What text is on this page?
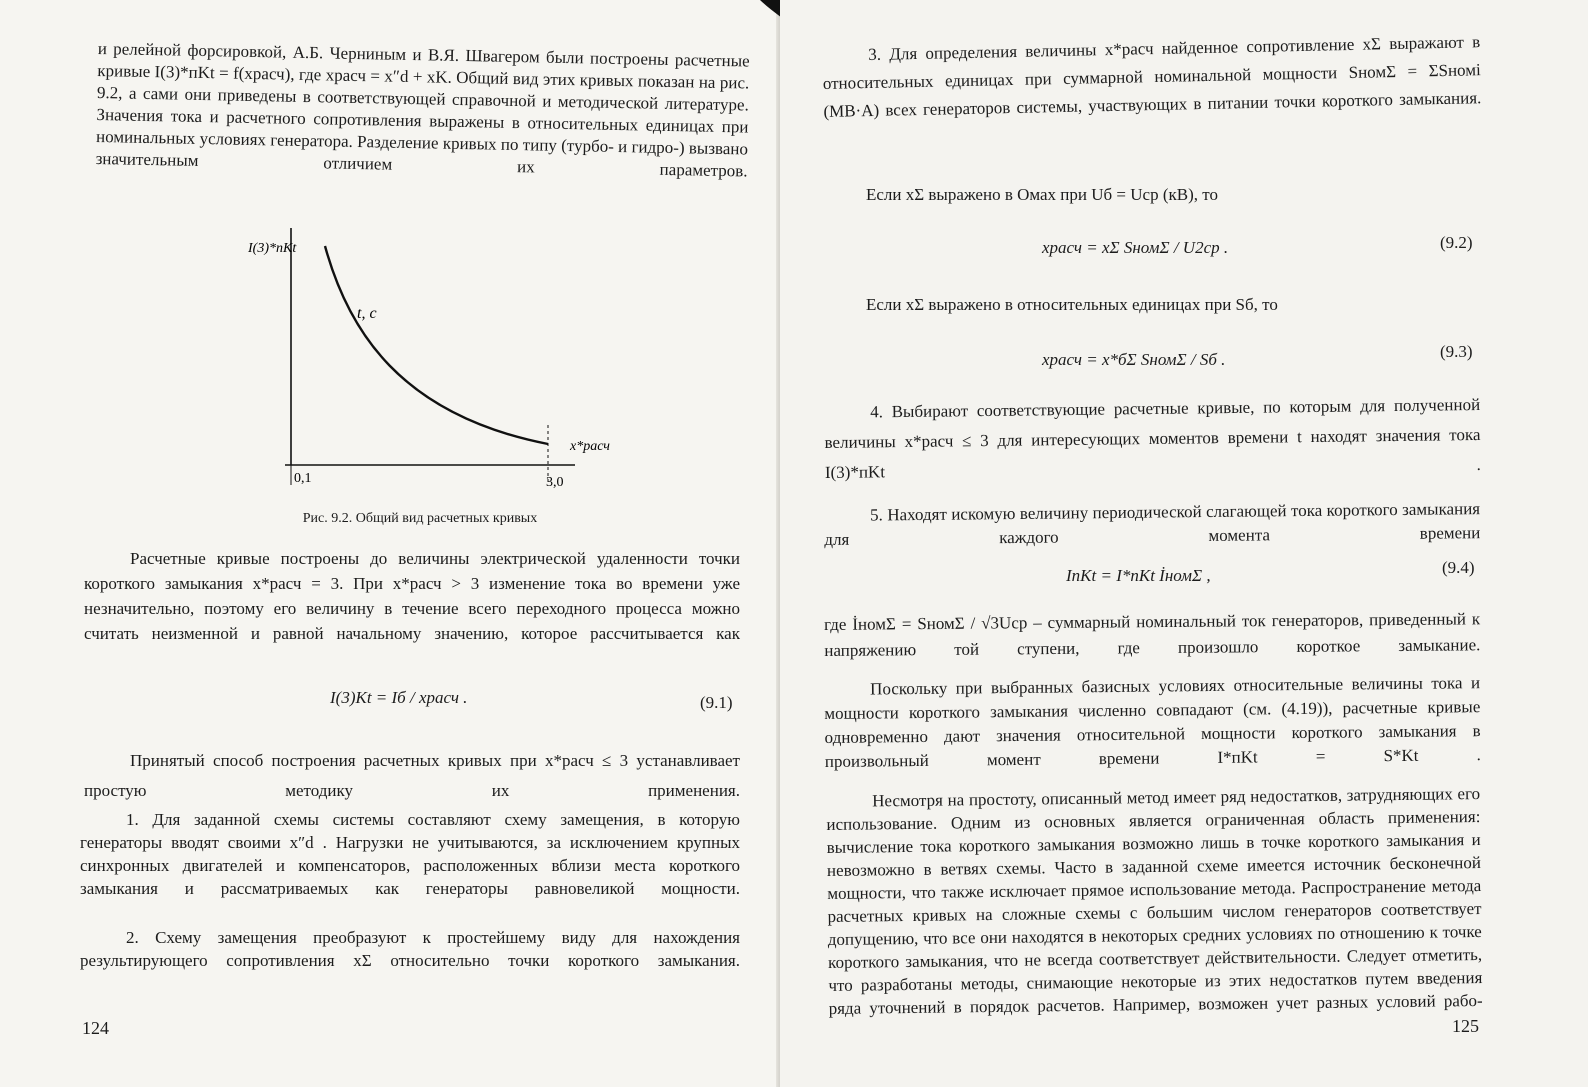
и релейной форсировкой, А.Б. Черниным и В.Я. Швагером были построены расчетные кривые I(3)*пKt = f(xрасч), где xрасч = x″d + xK. Общий вид этих кривых показан на рис. 9.2, а сами они приведены в соответствующей справочной и методической литературе. Значения тока и расчетного сопротивления выражены в относительных единицах при номинальных условиях генератора. Разделение кривых по типу (турбо- и гидро-) вызвано значительным отличием их параметров.

I(3)*пKt
t, c
x*расч
0,1	3,0
Рис. 9.2. Общий вид расчетных кривых

Расчетные кривые построены до величины электрической удаленности точки короткого замыкания x*расч = 3. При x*расч > 3 изменение тока во времени уже незначительно, поэтому его величину в течение всего переходного процесса можно считать неизменной и равной начальному значению, которое рассчитывается как

I(3)Kt = Iб / xрасч .	(9.1)

Принятый способ построения расчетных кривых при x*расч ≤ 3 устанавливает простую методику их применения.

1. Для заданной схемы системы составляют схему замещения, в которую генераторы вводят своими x″d . Нагрузки не учитываются, за исключением крупных синхронных двигателей и компенсаторов, расположенных вблизи места короткого замыкания и рассматриваемых как генераторы равновеликой мощности.

2. Схему замещения преобразуют к простейшему виду для нахождения результирующего сопротивления xΣ относительно точки короткого замыкания.

124

3. Для определения величины x*расч найденное сопротивление xΣ выражают в относительных единицах при суммарной номинальной мощности SномΣ = ΣSномi (МВ·А) всех генераторов системы, участвующих в питании точки короткого замыкания.

Если xΣ выражено в Омах при Uб = Uср (кВ), то

xрасч = xΣ SномΣ / U2ср .	(9.2)

Если xΣ выражено в относительных единицах при Sб, то

xрасч = x*бΣ SномΣ / Sб .	(9.3)

4. Выбирают соответствующие расчетные кривые, по которым для полученной величины x*расч ≤ 3 для интересующих моментов времени t находят значения тока I(3)*пKt .

5. Находят искомую величину периодической слагающей тока короткого замыкания для каждого момента времени

IпKt = I*пKt İномΣ ,	(9.4)

где İномΣ = SномΣ / √3Uср – суммарный номинальный ток генераторов, приведенный к напряжению той ступени, где произошло короткое замыкание.

Поскольку при выбранных базисных условиях относительные величины тока и мощности короткого замыкания численно совпадают (см. (4.19)), расчетные кривые одновременно дают значения относительной мощности короткого замыкания в произвольный момент времени I*пKt = S*Kt .

Несмотря на простоту, описанный метод имеет ряд недостатков, затрудняющих его использование. Одним из основных является ограниченная область применения: вычисление тока короткого замыкания возможно лишь в точке короткого замыкания и невозможно в ветвях схемы. Часто в заданной схеме имеется источник бесконечной мощности, что также исключает прямое использование метода. Распространение метода расчетных кривых на сложные схемы с большим числом генераторов соответствует допущению, что все они находятся в некоторых средних условиях по отношению к точке короткого замыкания, что не всегда соответствует действительности. Следует отметить, что разработаны методы, снимающие некоторые из этих недостатков путем введения ряда уточнений в порядок расчетов. Например, возможен учет разных условий рабо-

125
